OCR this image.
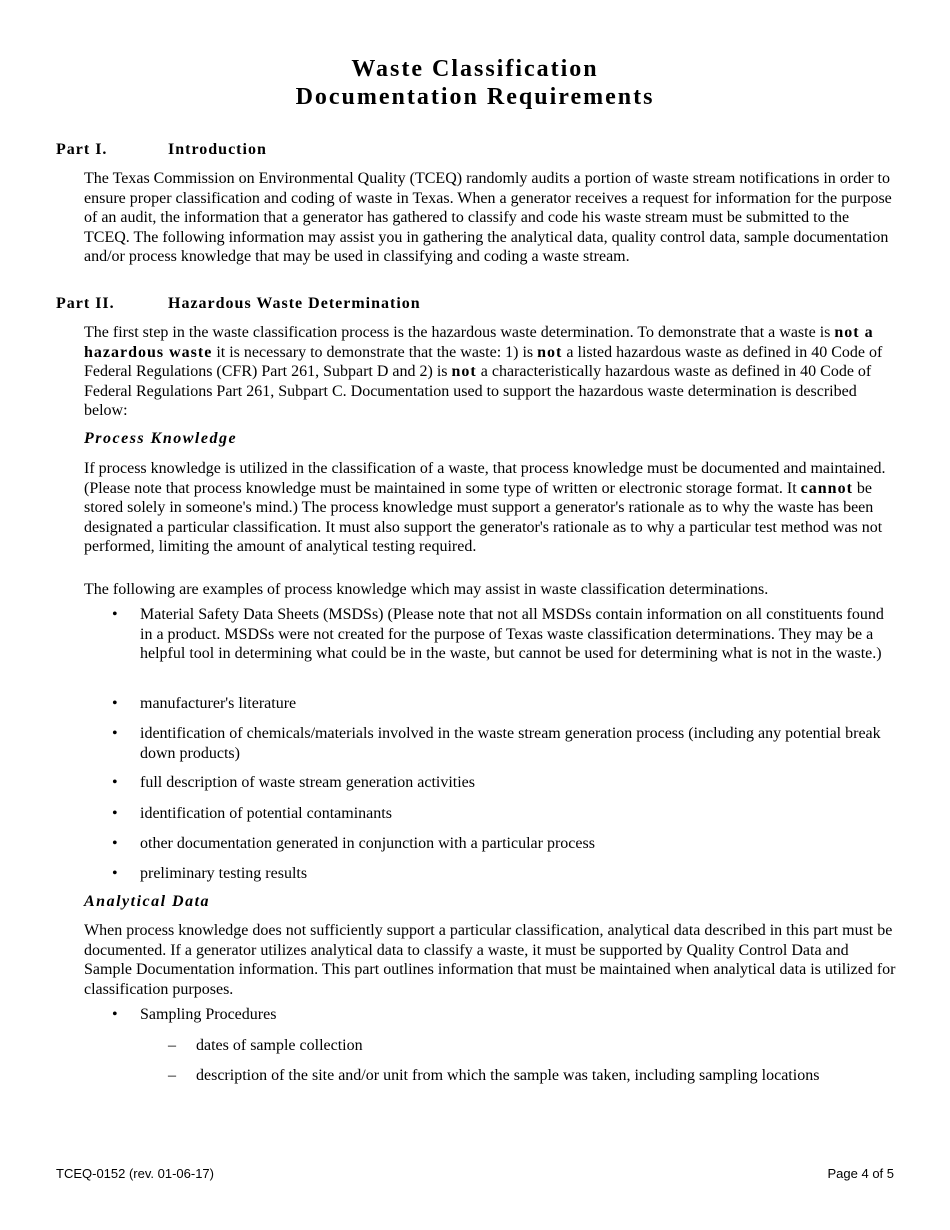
Waste Classification
Documentation Requirements
Part I.	Introduction
The Texas Commission on Environmental Quality (TCEQ) randomly audits a portion of waste stream notifications in order to ensure proper classification and coding of waste in Texas. When a generator receives a request for information for the purpose of an audit, the information that a generator has gathered to classify and code his waste stream must be submitted to the TCEQ. The following information may assist you in gathering the analytical data, quality control data, sample documentation and/or process knowledge that may be used in classifying and coding a waste stream.
Part II.	Hazardous Waste Determination
The first step in the waste classification process is the hazardous waste determination. To demonstrate that a waste is not a hazardous waste it is necessary to demonstrate that the waste: 1) is not a listed hazardous waste as defined in 40 Code of Federal Regulations (CFR) Part 261, Subpart D and 2) is not a characteristically hazardous waste as defined in 40 Code of Federal Regulations Part 261, Subpart C. Documentation used to support the hazardous waste determination is described below:
Process Knowledge
If process knowledge is utilized in the classification of a waste, that process knowledge must be documented and maintained. (Please note that process knowledge must be maintained in some type of written or electronic storage format. It cannot be stored solely in someone's mind.) The process knowledge must support a generator's rationale as to why the waste has been designated a particular classification. It must also support the generator's rationale as to why a particular test method was not performed, limiting the amount of analytical testing required.
The following are examples of process knowledge which may assist in waste classification determinations.
• Material Safety Data Sheets (MSDSs) (Please note that not all MSDSs contain information on all constituents found in a product. MSDSs were not created for the purpose of Texas waste classification determinations. They may be a helpful tool in determining what could be in the waste, but cannot be used for determining what is not in the waste.)
• manufacturer's literature
• identification of chemicals/materials involved in the waste stream generation process (including any potential break down products)
• full description of waste stream generation activities
• identification of potential contaminants
• other documentation generated in conjunction with a particular process
• preliminary testing results
Analytical Data
When process knowledge does not sufficiently support a particular classification, analytical data described in this part must be documented. If a generator utilizes analytical data to classify a waste, it must be supported by Quality Control Data and Sample Documentation information. This part outlines information that must be maintained when analytical data is utilized for classification purposes.
• Sampling Procedures
– dates of sample collection
– description of the site and/or unit from which the sample was taken, including sampling locations
TCEQ-0152 (rev. 01-06-17)	Page 4 of 5
